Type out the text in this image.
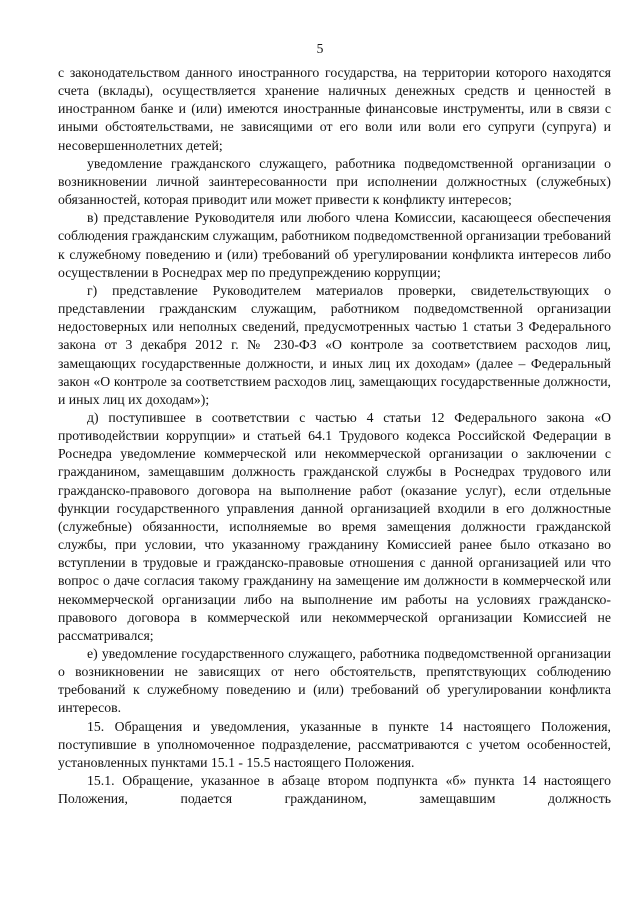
5

с законодательством данного иностранного государства, на территории которого находятся счета (вклады), осуществляется хранение наличных денежных средств и ценностей в иностранном банке и (или) имеются иностранные финансовые инструменты, или в связи с иными обстоятельствами, не зависящими от его воли или воли его супруги (супруга) и несовершеннолетних детей;

уведомление гражданского служащего, работника подведомственной организации о возникновении личной заинтересованности при исполнении должностных (служебных) обязанностей, которая приводит или может привести к конфликту интересов;

в) представление Руководителя или любого члена Комиссии, касающееся обеспечения соблюдения гражданским служащим, работником подведомственной организации требований к служебному поведению и (или) требований об урегулировании конфликта интересов либо осуществлении в Роснедрах мер по предупреждению коррупции;

г) представление Руководителем материалов проверки, свидетельствующих о представлении гражданским служащим, работником подведомственной организации недостоверных или неполных сведений, предусмотренных частью 1 статьи 3 Федерального закона от 3 декабря 2012 г. № 230-ФЗ «О контроле за соответствием расходов лиц, замещающих государственные должности, и иных лиц их доходам» (далее – Федеральный закон «О контроле за соответствием расходов лиц, замещающих государственные должности, и иных лиц их доходам»);

д) поступившее в соответствии с частью 4 статьи 12 Федерального закона «О противодействии коррупции» и статьей 64.1 Трудового кодекса Российской Федерации в Роснедра уведомление коммерческой или некоммерческой организации о заключении с гражданином, замещавшим должность гражданской службы в Роснедрах трудового или гражданско-правового договора на выполнение работ (оказание услуг), если отдельные функции государственного управления данной организацией входили в его должностные (служебные) обязанности, исполняемые во время замещения должности гражданской службы, при условии, что указанному гражданину Комиссией ранее было отказано во вступлении в трудовые и гражданско-правовые отношения с данной организацией или что вопрос о даче согласия такому гражданину на замещение им должности в коммерческой или некоммерческой организации либо на выполнение им работы на условиях гражданско-правового договора в коммерческой или некоммерческой организации Комиссией не рассматривался;

е) уведомление государственного служащего, работника подведомственной организации о возникновении не зависящих от него обстоятельств, препятствующих соблюдению требований к служебному поведению и (или) требований об урегулировании конфликта интересов.

15. Обращения и уведомления, указанные в пункте 14 настоящего Положения, поступившие в уполномоченное подразделение, рассматриваются с учетом особенностей, установленных пунктами 15.1 - 15.5 настоящего Положения.

15.1. Обращение, указанное в абзаце втором подпункта «б» пункта 14 настоящего Положения, подается гражданином, замещавшим должность
